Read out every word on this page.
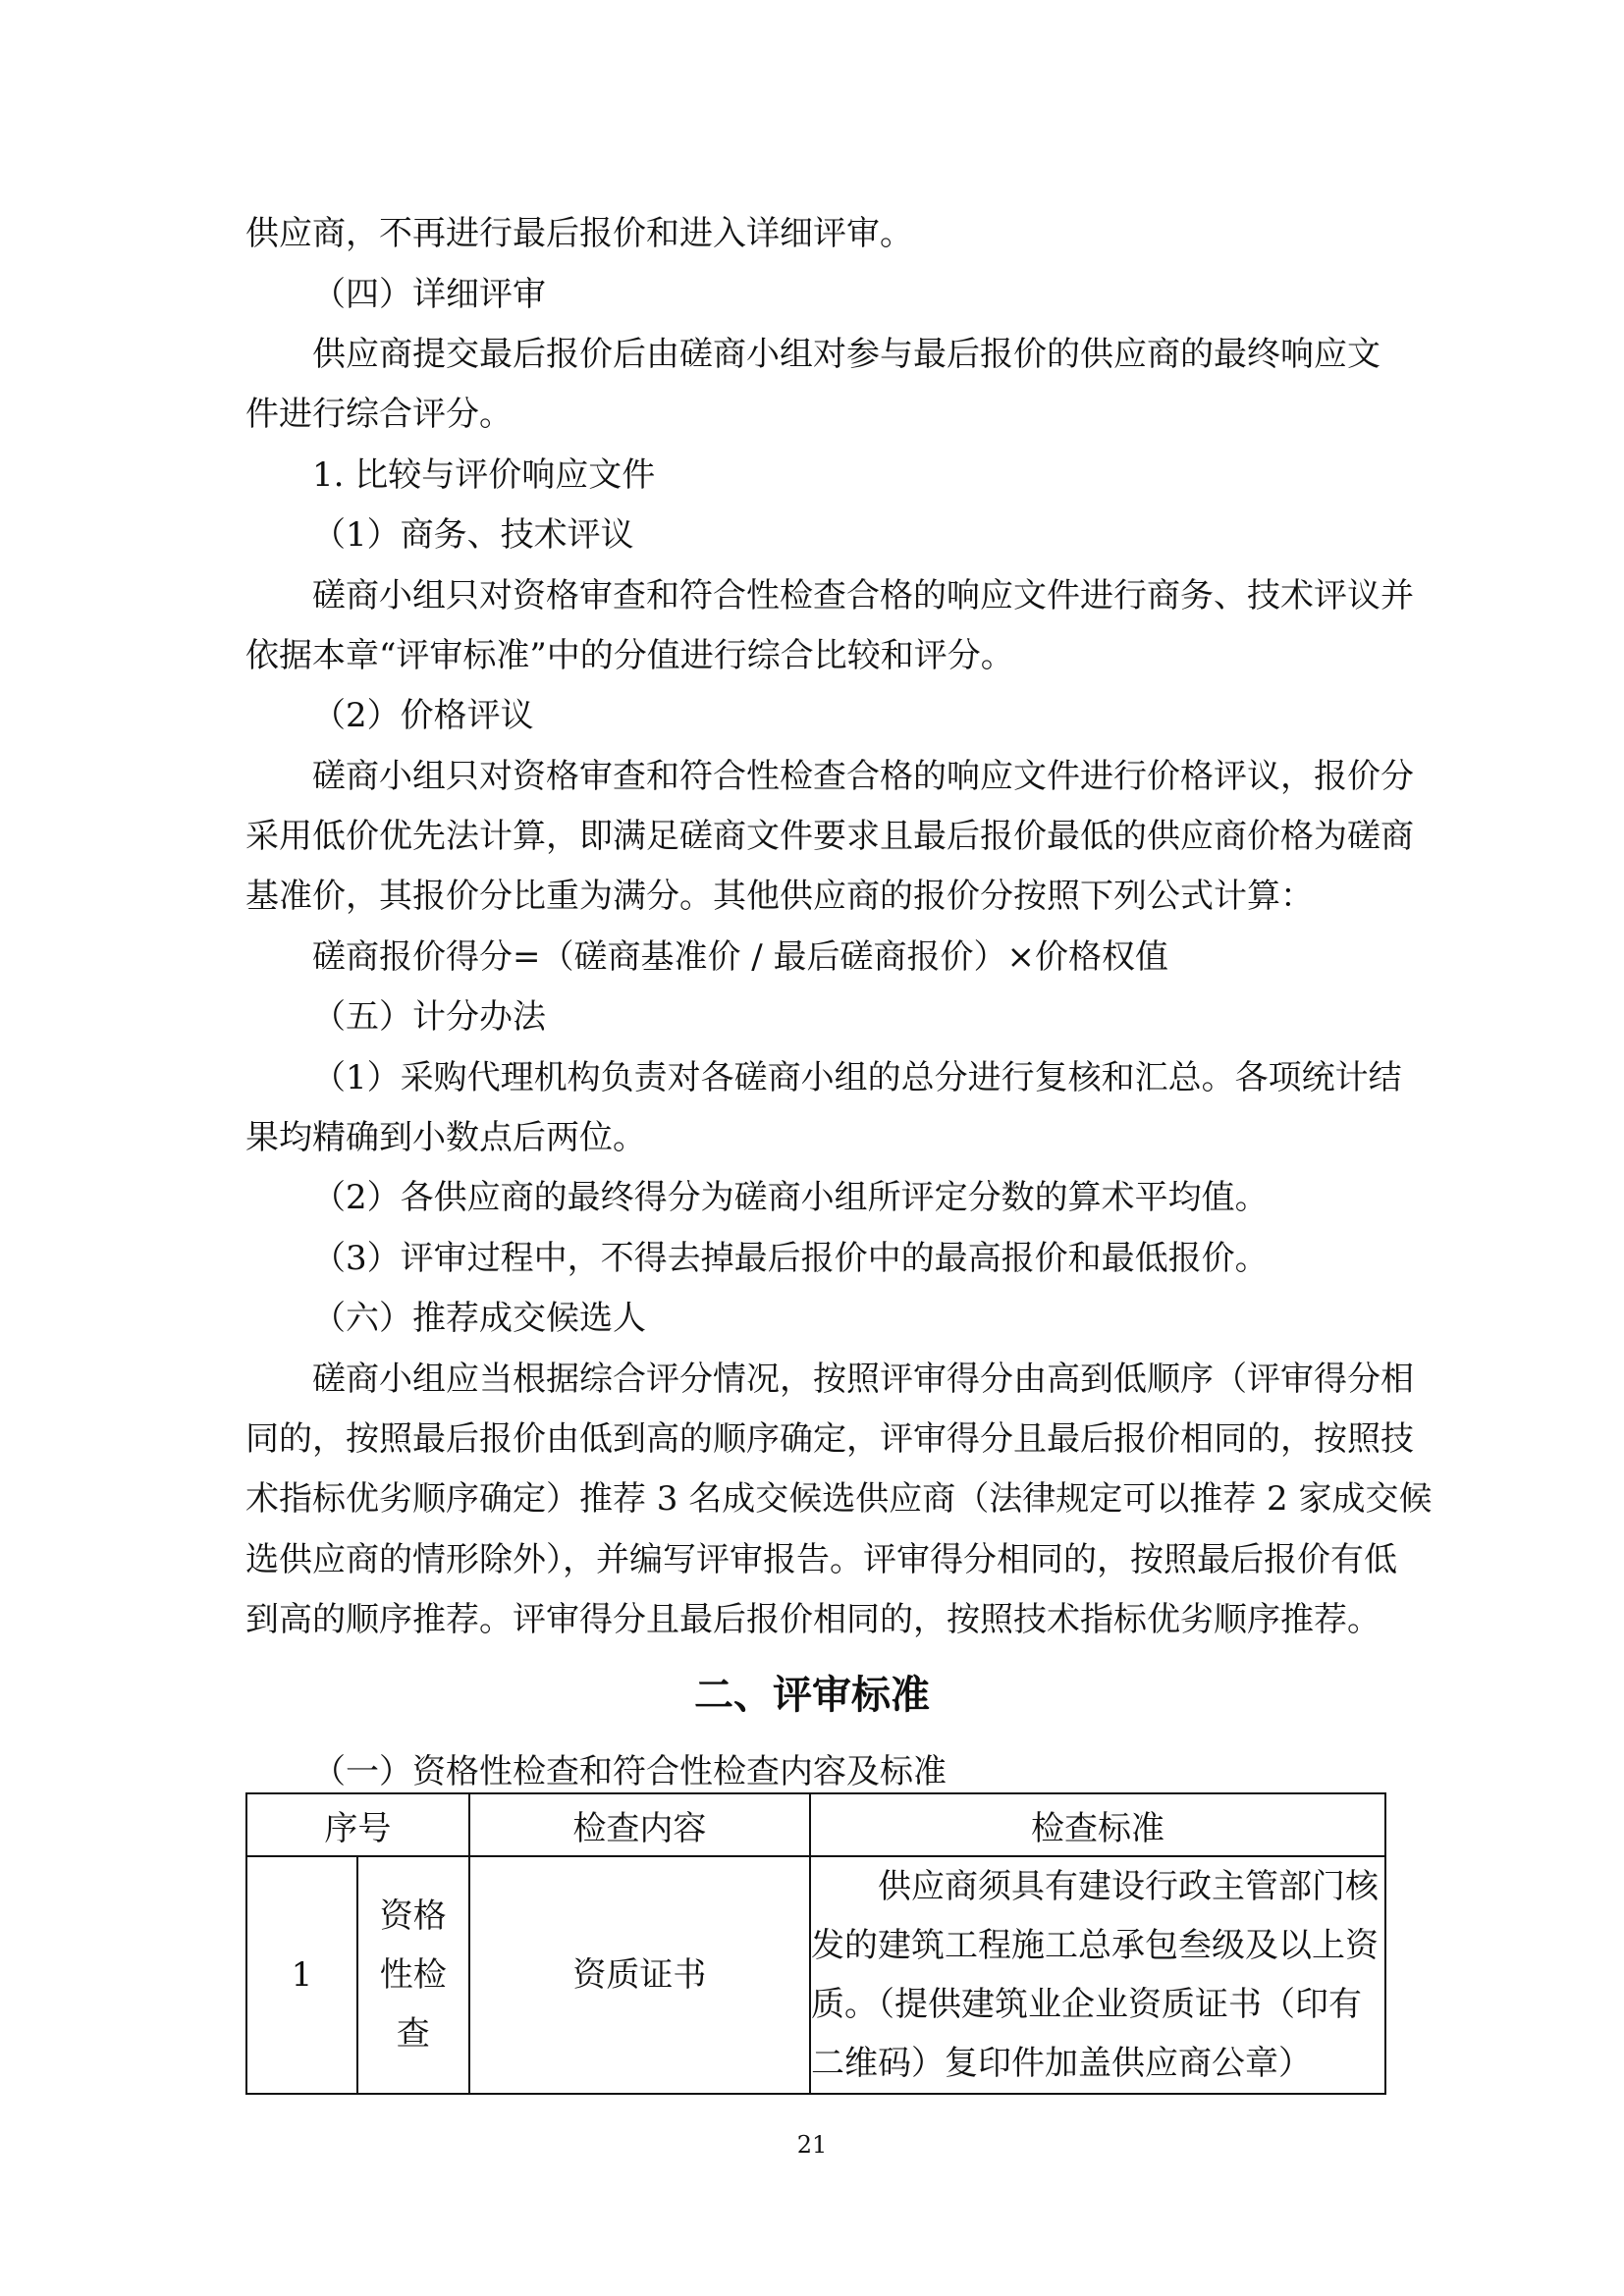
供应商，不再进行最后报价和进入详细评审。
（四）详细评审
供应商提交最后报价后由磋商小组对参与最后报价的供应商的最终响应文
件进行综合评分。
1. 比较与评价响应文件
（1）商务、技术评议
磋商小组只对资格审查和符合性检查合格的响应文件进行商务、技术评议并
依据本章“评审标准”中的分值进行综合比较和评分。
（2）价格评议
磋商小组只对资格审查和符合性检查合格的响应文件进行价格评议，报价分
采用低价优先法计算，即满足磋商文件要求且最后报价最低的供应商价格为磋商
基准价，其报价分比重为满分。其他供应商的报价分按照下列公式计算：
磋商报价得分=（磋商基准价 / 最后磋商报价）×价格权值
（五）计分办法
（1）采购代理机构负责对各磋商小组的总分进行复核和汇总。各项统计结
果均精确到小数点后两位。
（2）各供应商的最终得分为磋商小组所评定分数的算术平均值。
（3）评审过程中，不得去掉最后报价中的最高报价和最低报价。
（六）推荐成交候选人
磋商小组应当根据综合评分情况，按照评审得分由高到低顺序（评审得分相
同的，按照最后报价由低到高的顺序确定，评审得分且最后报价相同的，按照技
术指标优劣顺序确定）推荐 3 名成交候选供应商（法律规定可以推荐 2 家成交候
选供应商的情形除外），并编写评审报告。评审得分相同的，按照最后报价有低
到高的顺序推荐。评审得分且最后报价相同的，按照技术指标优劣顺序推荐。
二、评审标准
（一）资格性检查和符合性检查内容及标准
序号		检查内容	检查标准
1	资格性检查	资质证书	供应商须具有建设行政主管部门核发的建筑工程施工总承包叁级及以上资质。（提供建筑业企业资质证书（印有二维码）复印件加盖供应商公章）
21
